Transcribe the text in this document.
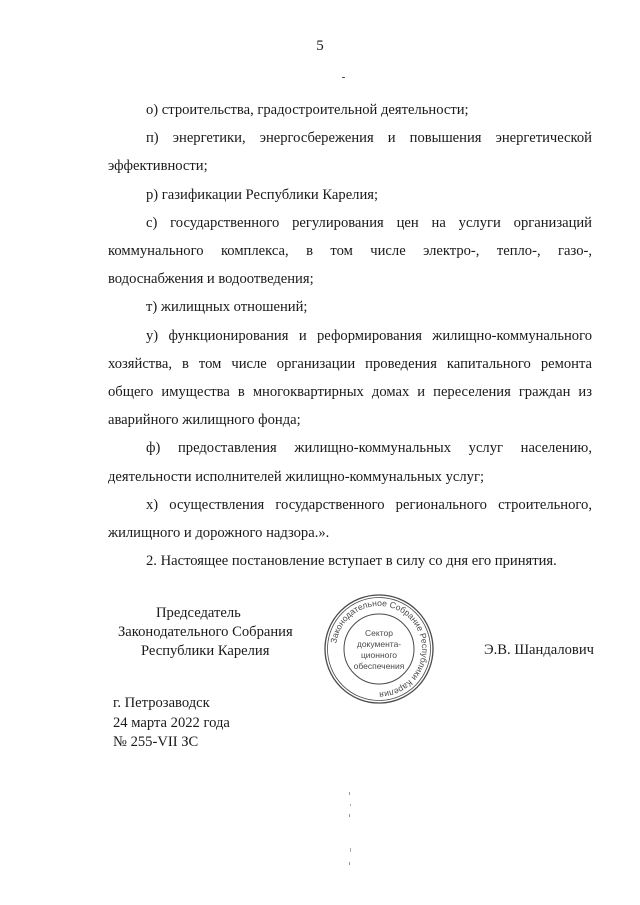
5

о) строительства, градостроительной деятельности;

п) энергетики, энергосбережения и повышения энергетической эффективности;

р) газификации Республики Карелия;

с) государственного регулирования цен на услуги организаций коммунального комплекса, в том числе электро-, тепло-, газо-, водоснабжения и водоотведения;

т) жилищных отношений;

у) функционирования и реформирования жилищно-коммунального хозяйства, в том числе организации проведения капитального ремонта общего имущества в многоквартирных домах и переселения граждан из аварийного жилищного фонда;

ф) предоставления жилищно-коммунальных услуг населению, деятельности исполнителей жилищно-коммунальных услуг;

х) осуществления государственного регионального строительного, жилищного и дорожного надзора.».

2. Настоящее постановление вступает в силу со дня его принятия.

Председатель
Законодательного Собрания
Республики Карелия
Законодательное Собрание Республики Карелия
Сектор
документа-
ционного
обеспечения
Э.В. Шандалович
г. Петрозаводск
24 марта 2022 года
№ 255-VII ЗС
